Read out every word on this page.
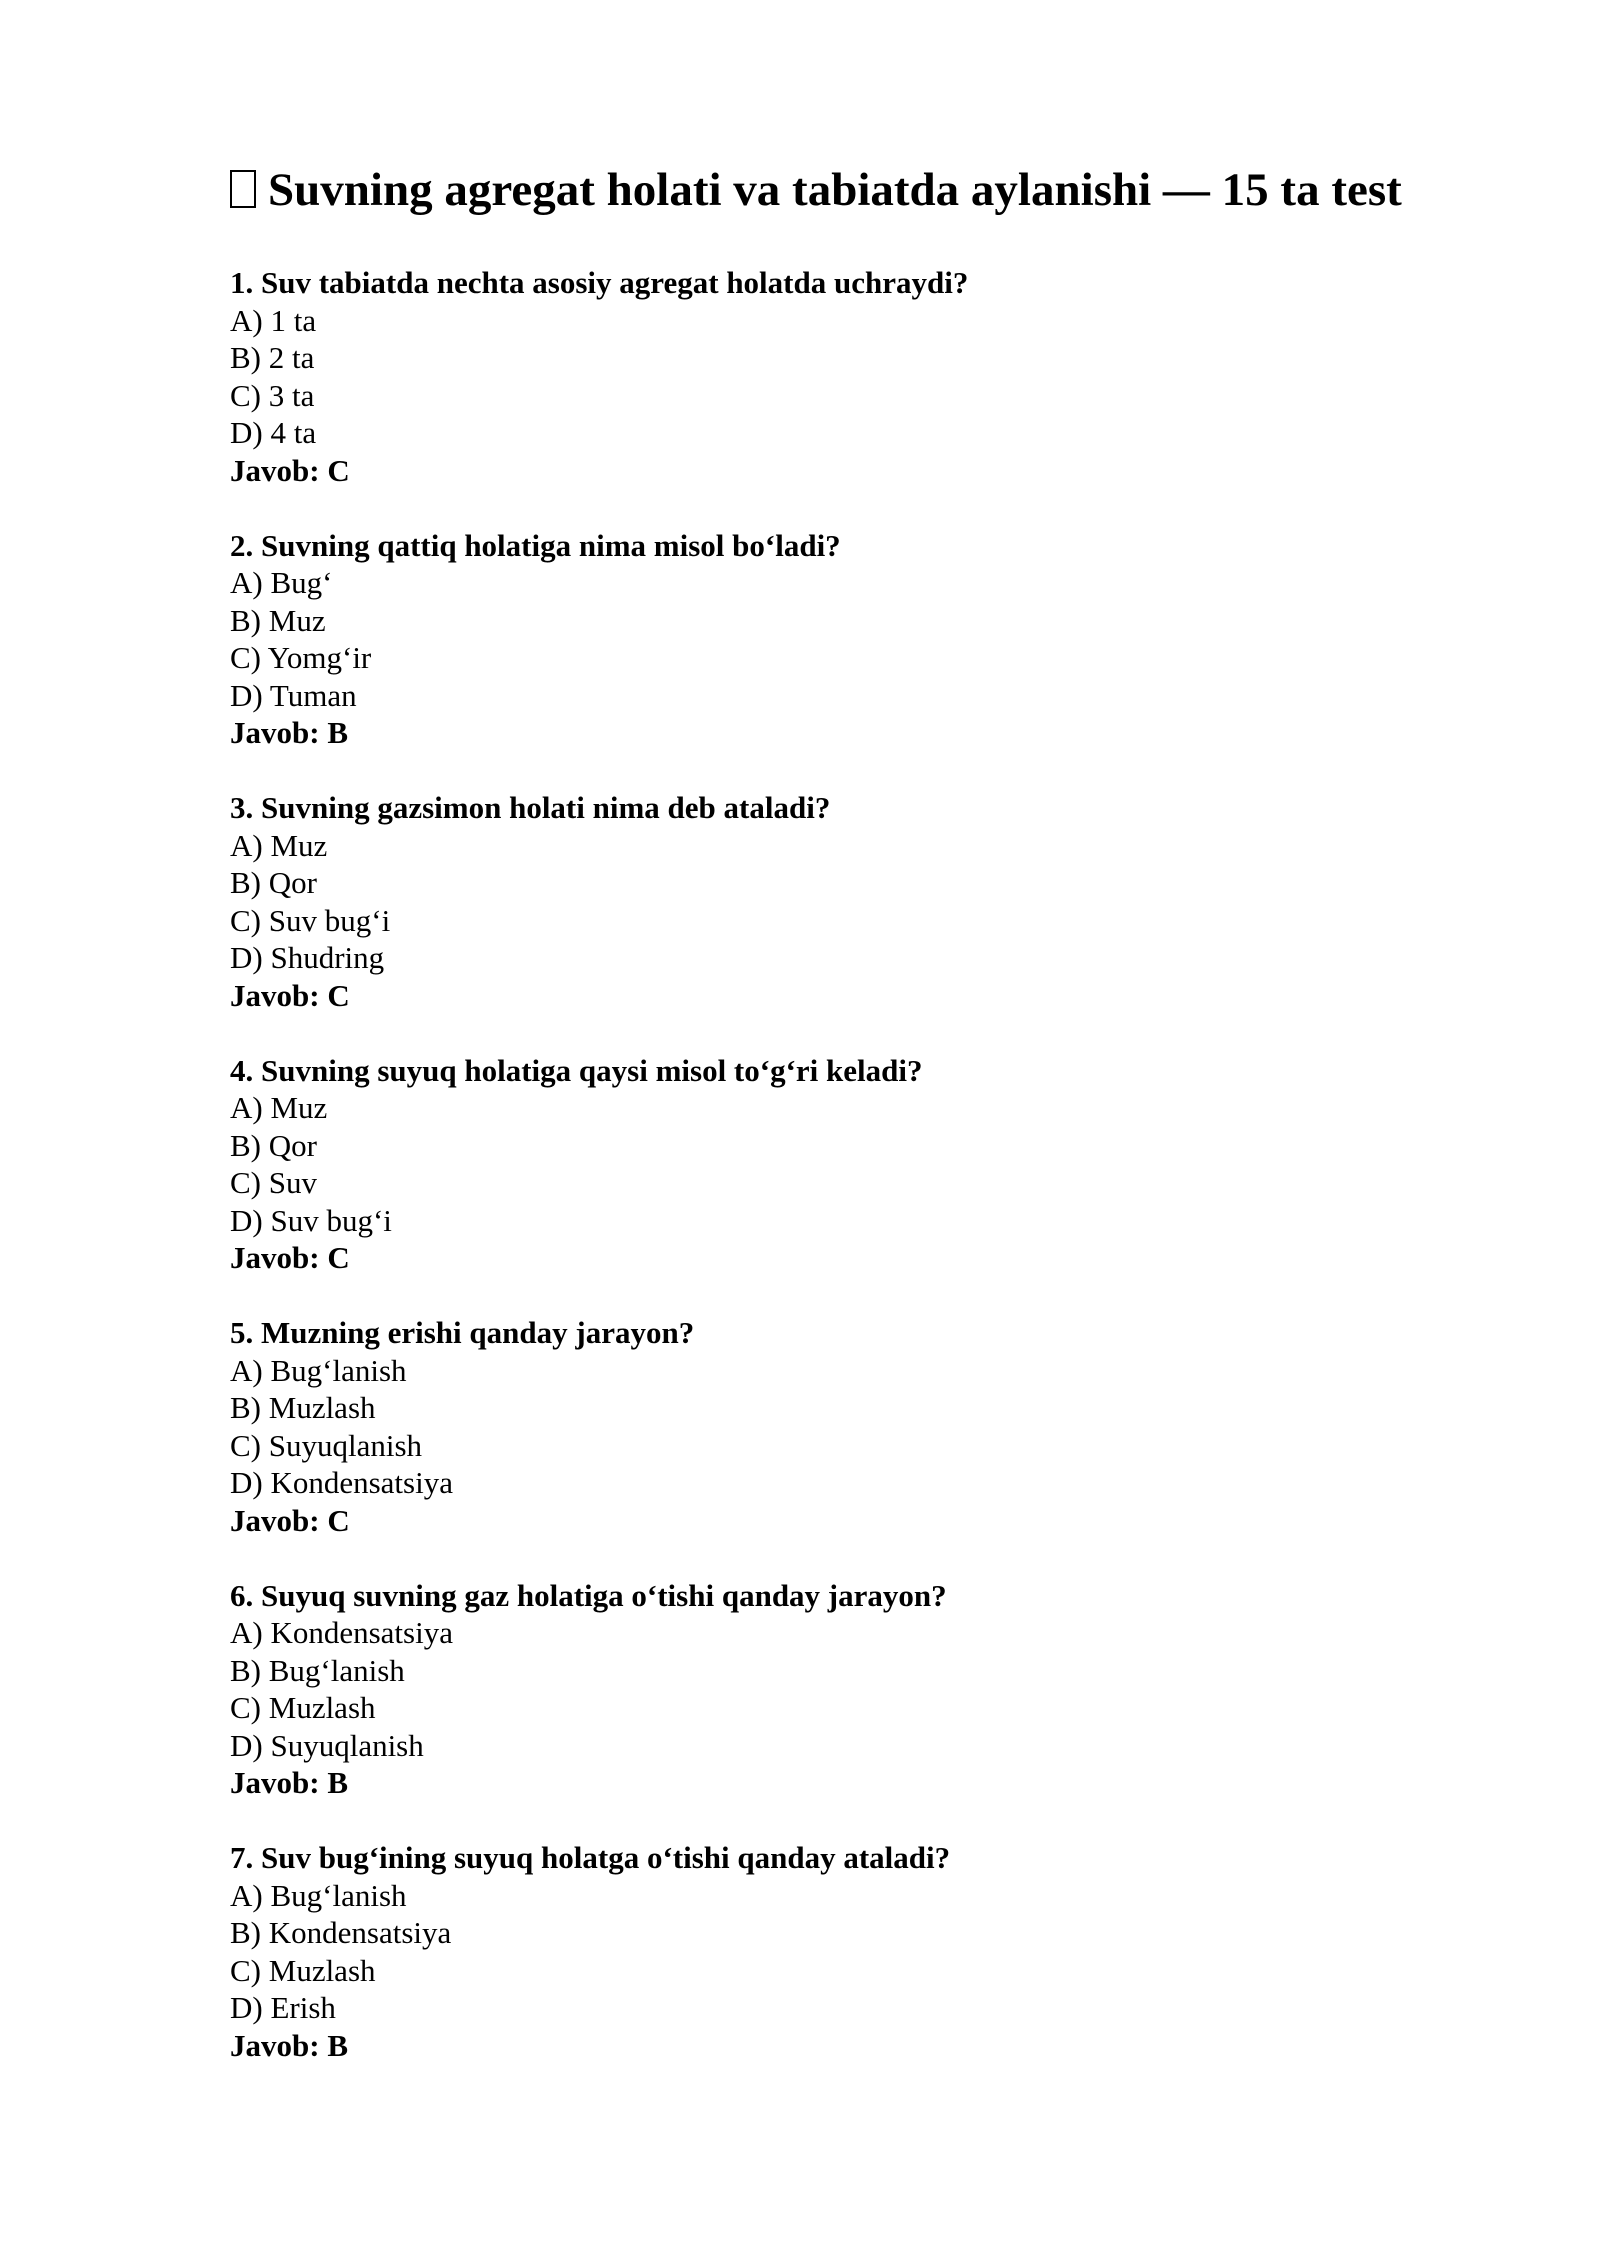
Suvning agregat holati va tabiatda aylanishi — 15 ta test
1. Suv tabiatda nechta asosiy agregat holatda uchraydi?
A) 1 ta
B) 2 ta
C) 3 ta
D) 4 ta
Javob: C
2. Suvning qattiq holatiga nima misol bo‘ladi?
A) Bug‘
B) Muz
C) Yomg‘ir
D) Tuman
Javob: B
3. Suvning gazsimon holati nima deb ataladi?
A) Muz
B) Qor
C) Suv bug‘i
D) Shudring
Javob: C
4. Suvning suyuq holatiga qaysi misol to‘g‘ri keladi?
A) Muz
B) Qor
C) Suv
D) Suv bug‘i
Javob: C
5. Muzning erishi qanday jarayon?
A) Bug‘lanish
B) Muzlash
C) Suyuqlanish
D) Kondensatsiya
Javob: C
6. Suyuq suvning gaz holatiga o‘tishi qanday jarayon?
A) Kondensatsiya
B) Bug‘lanish
C) Muzlash
D) Suyuqlanish
Javob: B
7. Suv bug‘ining suyuq holatga o‘tishi qanday ataladi?
A) Bug‘lanish
B) Kondensatsiya
C) Muzlash
D) Erish
Javob: B
